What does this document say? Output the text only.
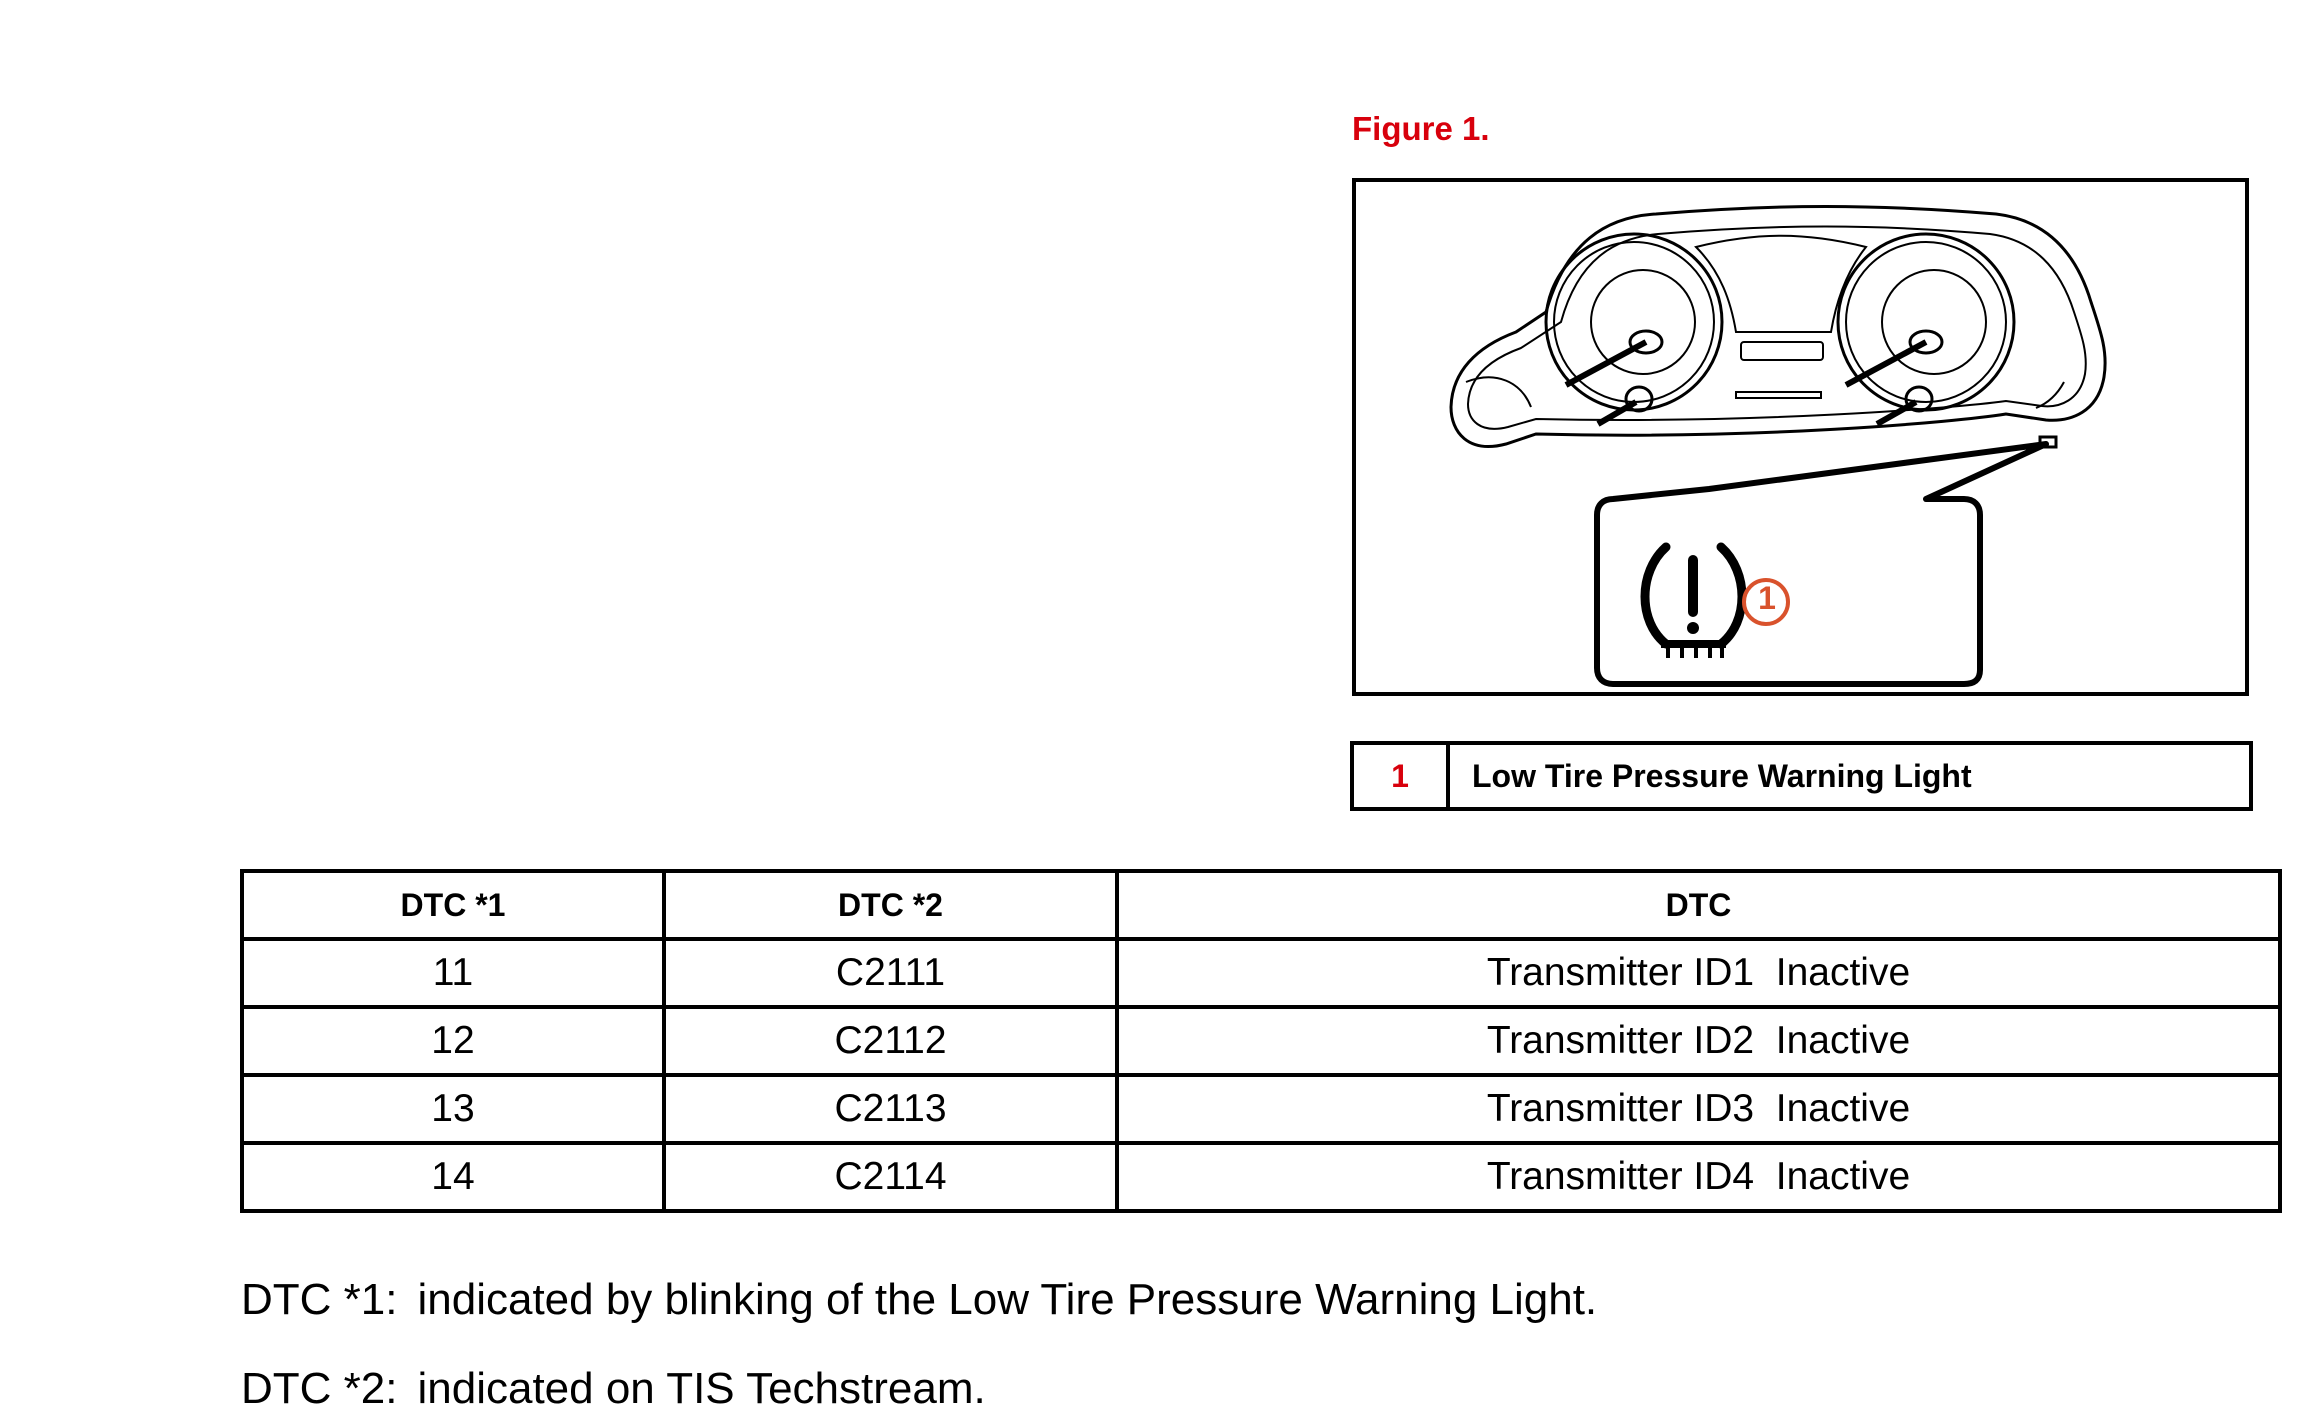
Figure 1.
1
1	Low Tire Pressure Warning Light
DTC *1	DTC *2	DTC
11	C2111	Transmitter ID1  Inactive
12	C2112	Transmitter ID2  Inactive
13	C2113	Transmitter ID3  Inactive
14	C2114	Transmitter ID4  Inactive
DTC *1: indicated by blinking of the Low Tire Pressure Warning Light.
DTC *2: indicated on TIS Techstream.
